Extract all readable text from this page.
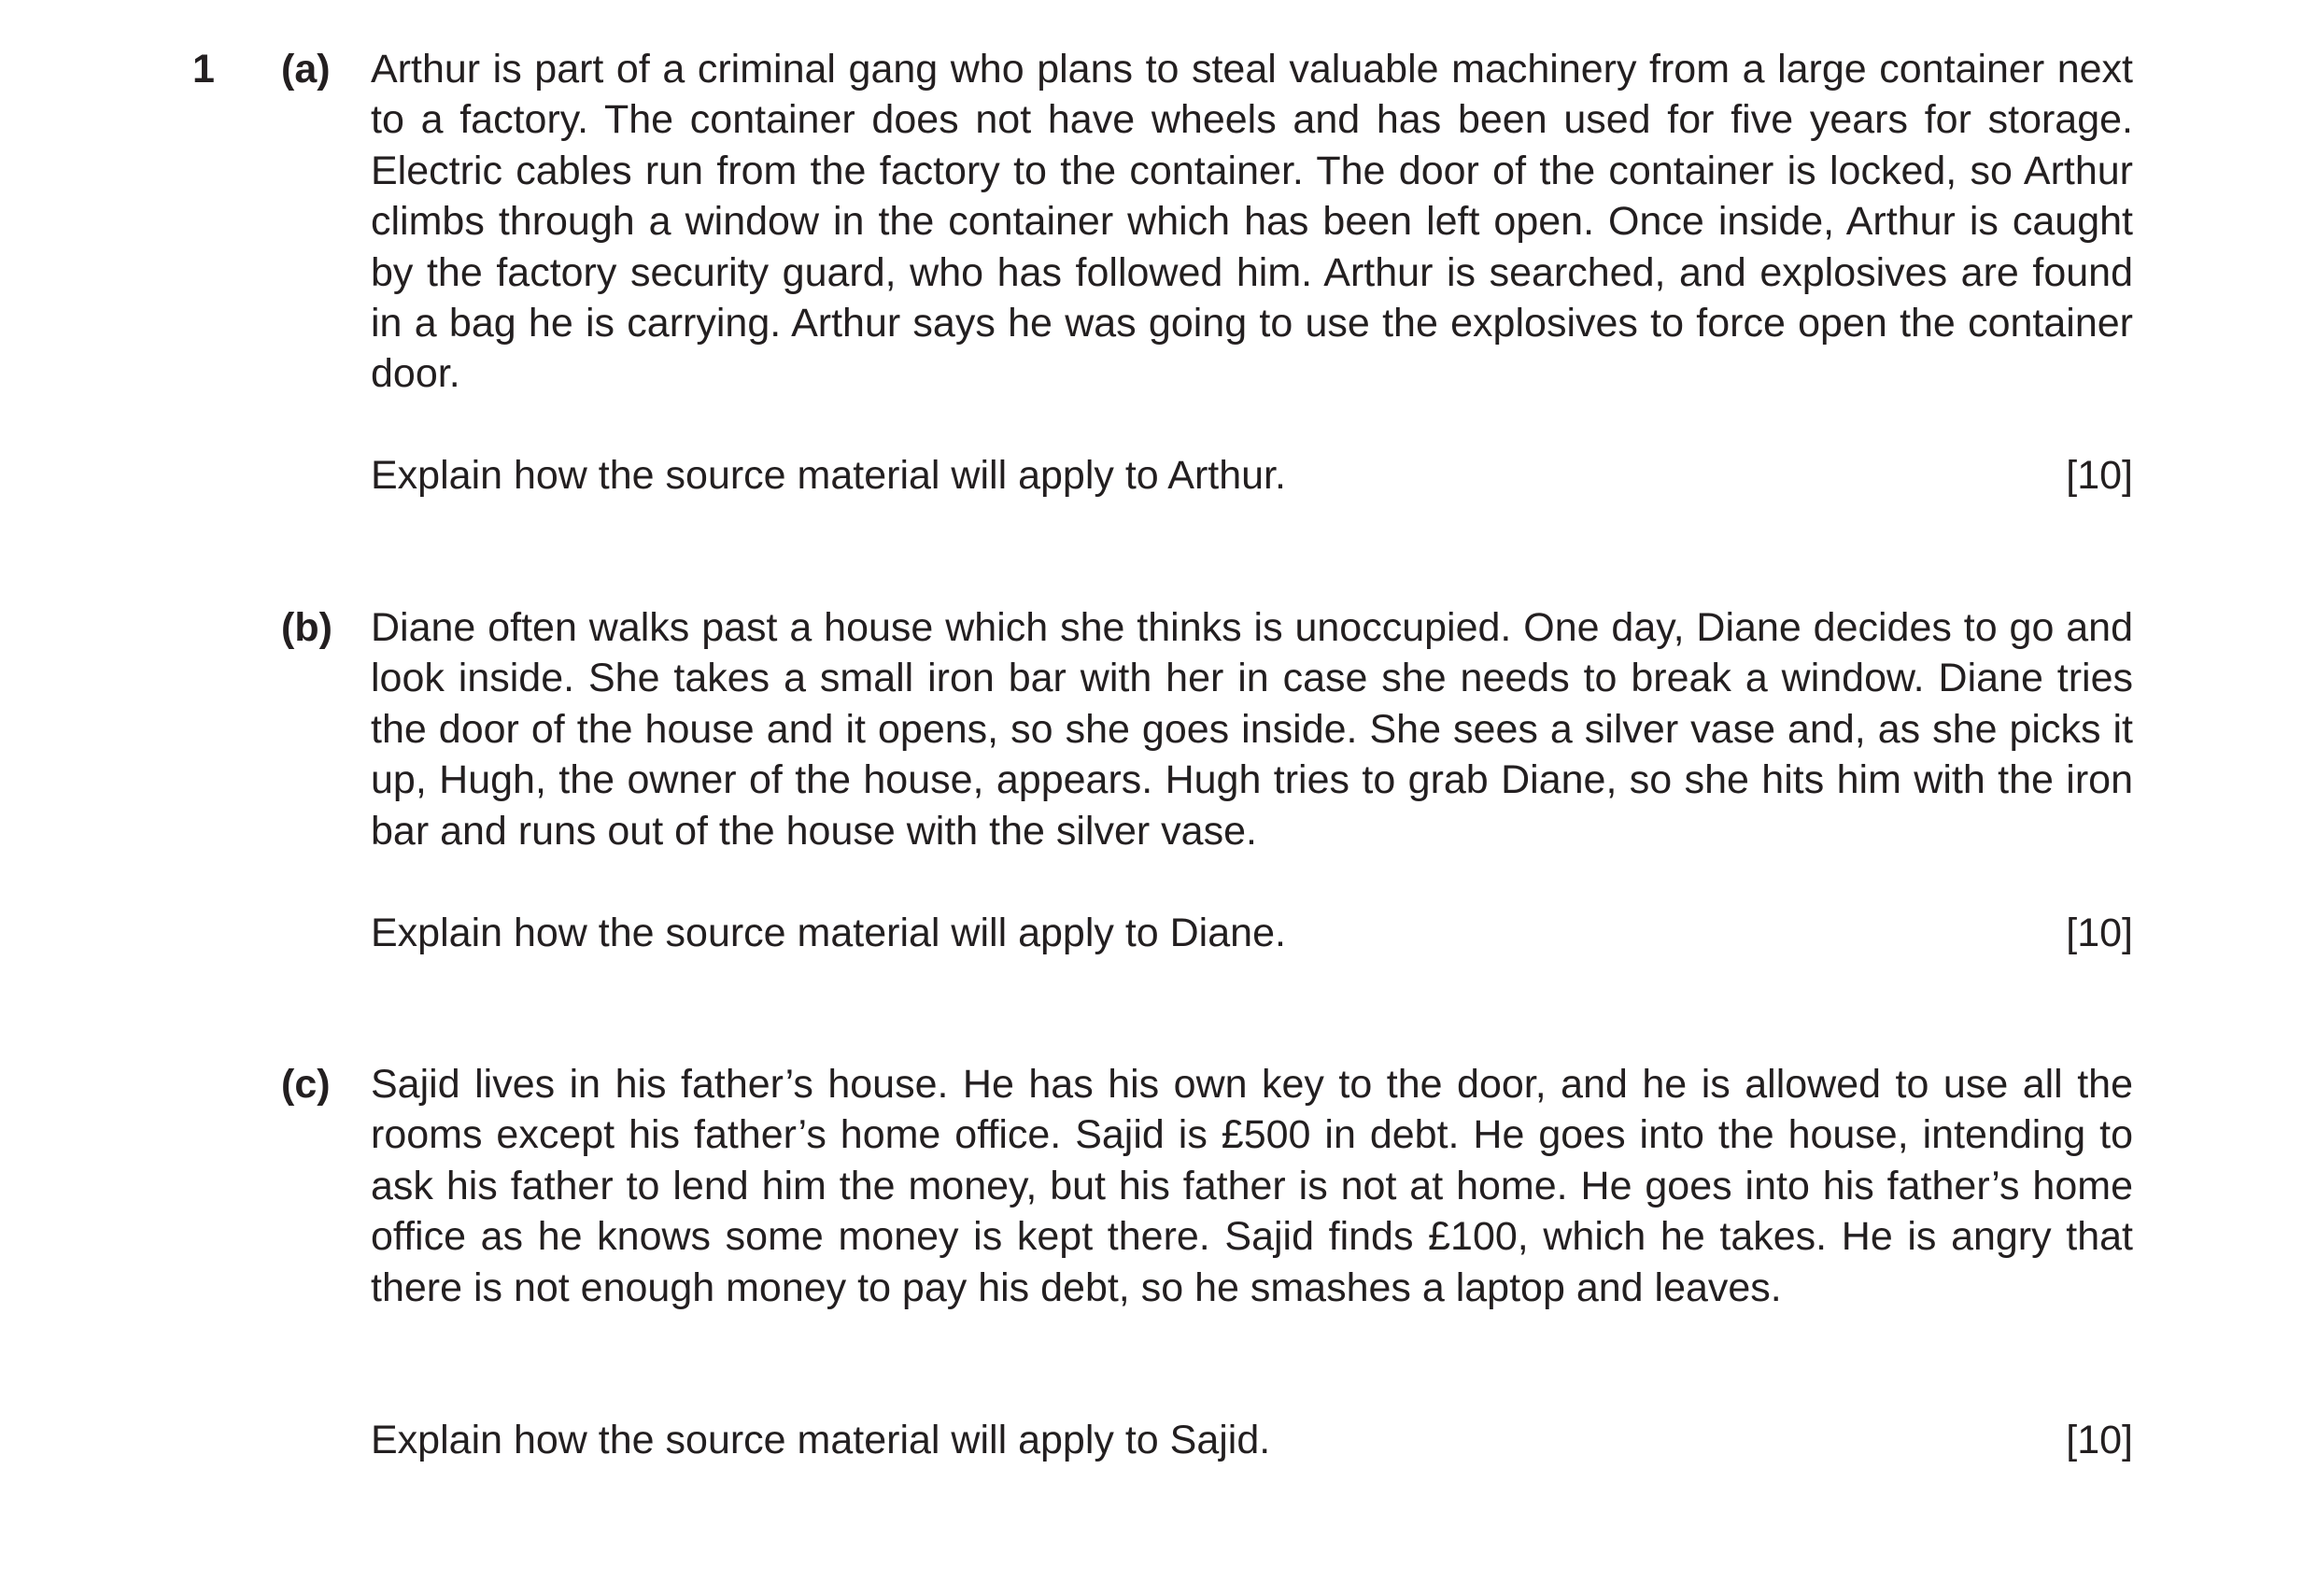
1 (a) Arthur is part of a criminal gang who plans to steal valuable machinery from a large container next to a factory. The container does not have wheels and has been used for five years for storage. Electric cables run from the factory to the container. The door of the container is locked, so Arthur climbs through a window in the container which has been left open. Once inside, Arthur is caught by the factory security guard, who has followed him. Arthur is searched, and explosives are found in a bag he is carrying. Arthur says he was going to use the explosives to force open the container door.

Explain how the source material will apply to Arthur.	[10]
(b) Diane often walks past a house which she thinks is unoccupied. One day, Diane decides to go and look inside. She takes a small iron bar with her in case she needs to break a window. Diane tries the door of the house and it opens, so she goes inside. She sees a silver vase and, as she picks it up, Hugh, the owner of the house, appears. Hugh tries to grab Diane, so she hits him with the iron bar and runs out of the house with the silver vase.

Explain how the source material will apply to Diane.	[10]
(c) Sajid lives in his father’s house. He has his own key to the door, and he is allowed to use all the rooms except his father’s home office. Sajid is £500 in debt. He goes into the house, intending to ask his father to lend him the money, but his father is not at home. He goes into his father’s home office as he knows some money is kept there. Sajid finds £100, which he takes. He is angry that there is not enough money to pay his debt, so he smashes a laptop and leaves.

Explain how the source material will apply to Sajid.	[10]
